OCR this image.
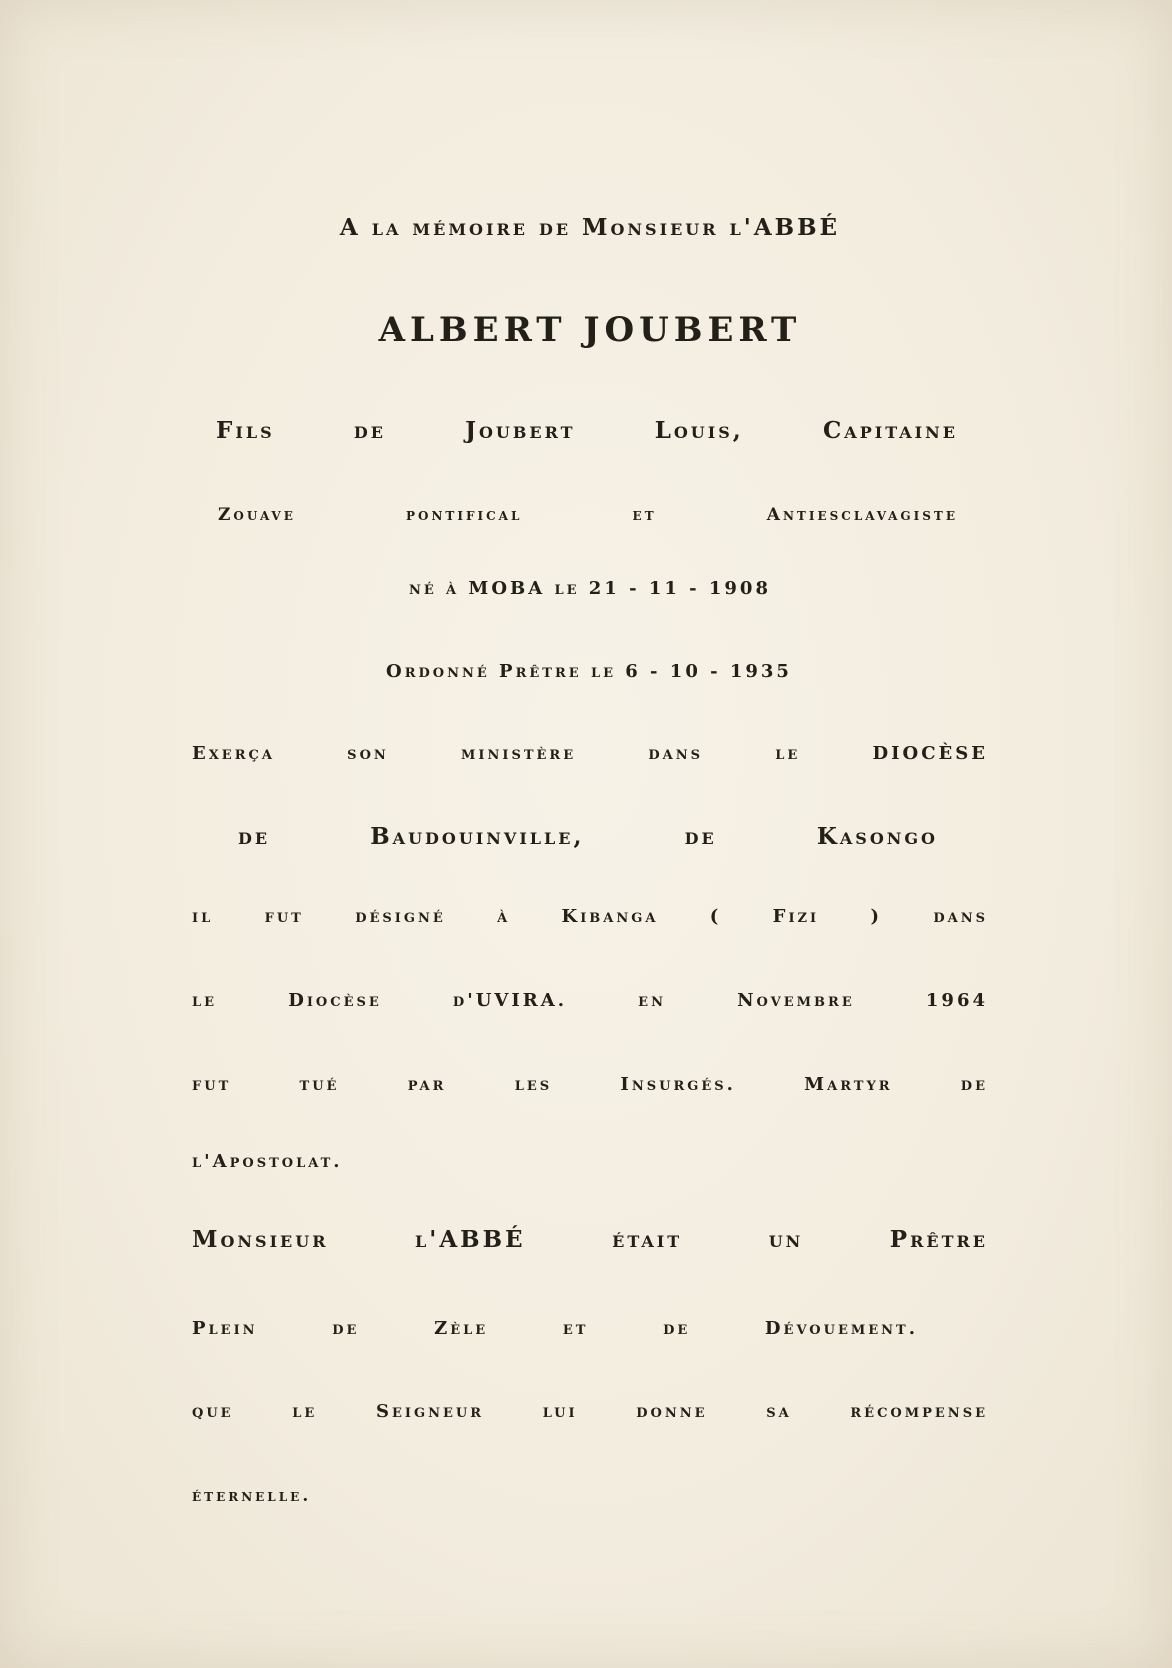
A la mémoire de Monsieur l'ABBÉ

ALBERT JOUBERT

Fils de Joubert Louis, Capitaine

Zouave pontifical et Antiesclavagiste

né à MOBA le 21 - 11 - 1908

Ordonné Prêtre le 6 - 10 - 1935

Exerça son ministère dans le DIOCÈSE

de Baudouinville, de Kasongo

il fut désigné à Kibanga ( Fizi ) dans

le Diocèse d'UVIRA. en Novembre 1964

fut tué par les Insurgés. Martyr de

l'Apostolat.

Monsieur l'ABBÉ était un Prêtre

Plein de Zèle et de Dévouement.

que le Seigneur lui donne sa récompense

éternelle.
